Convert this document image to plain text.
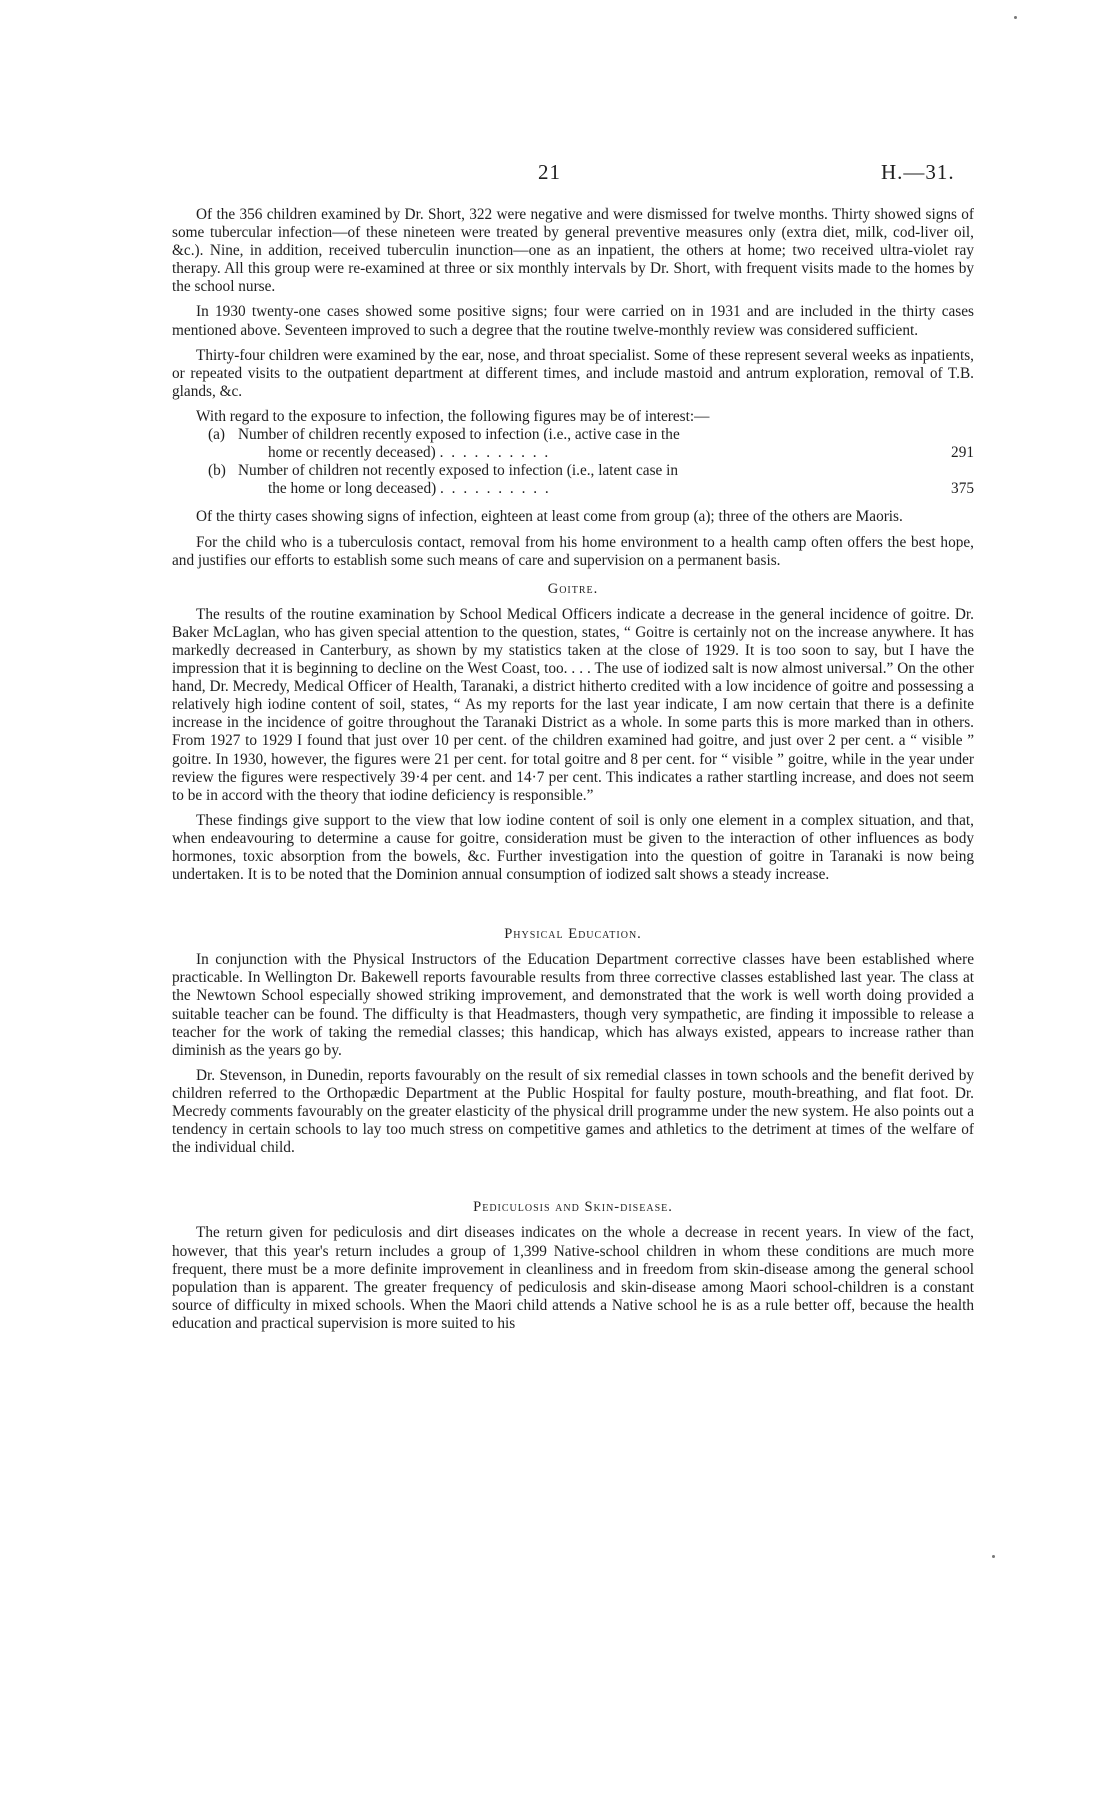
21	H.—31.

Of the 356 children examined by Dr. Short, 322 were negative and were dismissed for twelve months. Thirty showed signs of some tubercular infection—of these nineteen were treated by general preventive measures only (extra diet, milk, cod-liver oil, &c.). Nine, in addition, received tuberculin inunction—one as an inpatient, the others at home; two received ultra-violet ray therapy. All this group were re-examined at three or six monthly intervals by Dr. Short, with frequent visits made to the homes by the school nurse.

In 1930 twenty-one cases showed some positive signs; four were carried on in 1931 and are included in the thirty cases mentioned above. Seventeen improved to such a degree that the routine twelve-monthly review was considered sufficient.

Thirty-four children were examined by the ear, nose, and throat specialist. Some of these represent several weeks as inpatients, or repeated visits to the outpatient department at different times, and include mastoid and antrum exploration, removal of T.B. glands, &c.

With regard to the exposure to infection, the following figures may be of interest:—

(a) Number of children recently exposed to infection (i.e., active case in the
home or recently deceased) . . . . . . . . . .	291
(b) Number of children not recently exposed to infection (i.e., latent case in
the home or long deceased) . . . . . . . . . .	375

Of the thirty cases showing signs of infection, eighteen at least come from group (a); three of the others are Maoris.

For the child who is a tuberculosis contact, removal from his home environment to a health camp often offers the best hope, and justifies our efforts to establish some such means of care and supervision on a permanent basis.

Goitre.

The results of the routine examination by School Medical Officers indicate a decrease in the general incidence of goitre. Dr. Baker McLaglan, who has given special attention to the question, states, “ Goitre is certainly not on the increase anywhere. It has markedly decreased in Canterbury, as shown by my statistics taken at the close of 1929. It is too soon to say, but I have the impression that it is beginning to decline on the West Coast, too. . . . The use of iodized salt is now almost universal.” On the other hand, Dr. Mecredy, Medical Officer of Health, Taranaki, a district hitherto credited with a low incidence of goitre and possessing a relatively high iodine content of soil, states, “ As my reports for the last year indicate, I am now certain that there is a definite increase in the incidence of goitre throughout the Taranaki District as a whole. In some parts this is more marked than in others. From 1927 to 1929 I found that just over 10 per cent. of the children examined had goitre, and just over 2 per cent. a “ visible ” goitre. In 1930, however, the figures were 21 per cent. for total goitre and 8 per cent. for “ visible ” goitre, while in the year under review the figures were respectively 39·4 per cent. and 14·7 per cent. This indicates a rather startling increase, and does not seem to be in accord with the theory that iodine deficiency is responsible.”

These findings give support to the view that low iodine content of soil is only one element in a complex situation, and that, when endeavouring to determine a cause for goitre, consideration must be given to the interaction of other influences as body hormones, toxic absorption from the bowels, &c. Further investigation into the question of goitre in Taranaki is now being undertaken. It is to be noted that the Dominion annual consumption of iodized salt shows a steady increase.

Physical Education.

In conjunction with the Physical Instructors of the Education Department corrective classes have been established where practicable. In Wellington Dr. Bakewell reports favourable results from three corrective classes established last year. The class at the Newtown School especially showed striking improvement, and demonstrated that the work is well worth doing provided a suitable teacher can be found. The difficulty is that Headmasters, though very sympathetic, are finding it impossible to release a teacher for the work of taking the remedial classes; this handicap, which has always existed, appears to increase rather than diminish as the years go by.

Dr. Stevenson, in Dunedin, reports favourably on the result of six remedial classes in town schools and the benefit derived by children referred to the Orthopædic Department at the Public Hospital for faulty posture, mouth-breathing, and flat foot. Dr. Mecredy comments favourably on the greater elasticity of the physical drill programme under the new system. He also points out a tendency in certain schools to lay too much stress on competitive games and athletics to the detriment at times of the welfare of the individual child.

Pediculosis and Skin-disease.

The return given for pediculosis and dirt diseases indicates on the whole a decrease in recent years. In view of the fact, however, that this year's return includes a group of 1,399 Native-school children in whom these conditions are much more frequent, there must be a more definite improvement in cleanliness and in freedom from skin-disease among the general school population than is apparent. The greater frequency of pediculosis and skin-disease among Maori school-children is a constant source of difficulty in mixed schools. When the Maori child attends a Native school he is as a rule better off, because the health education and practical supervision is more suited to his
